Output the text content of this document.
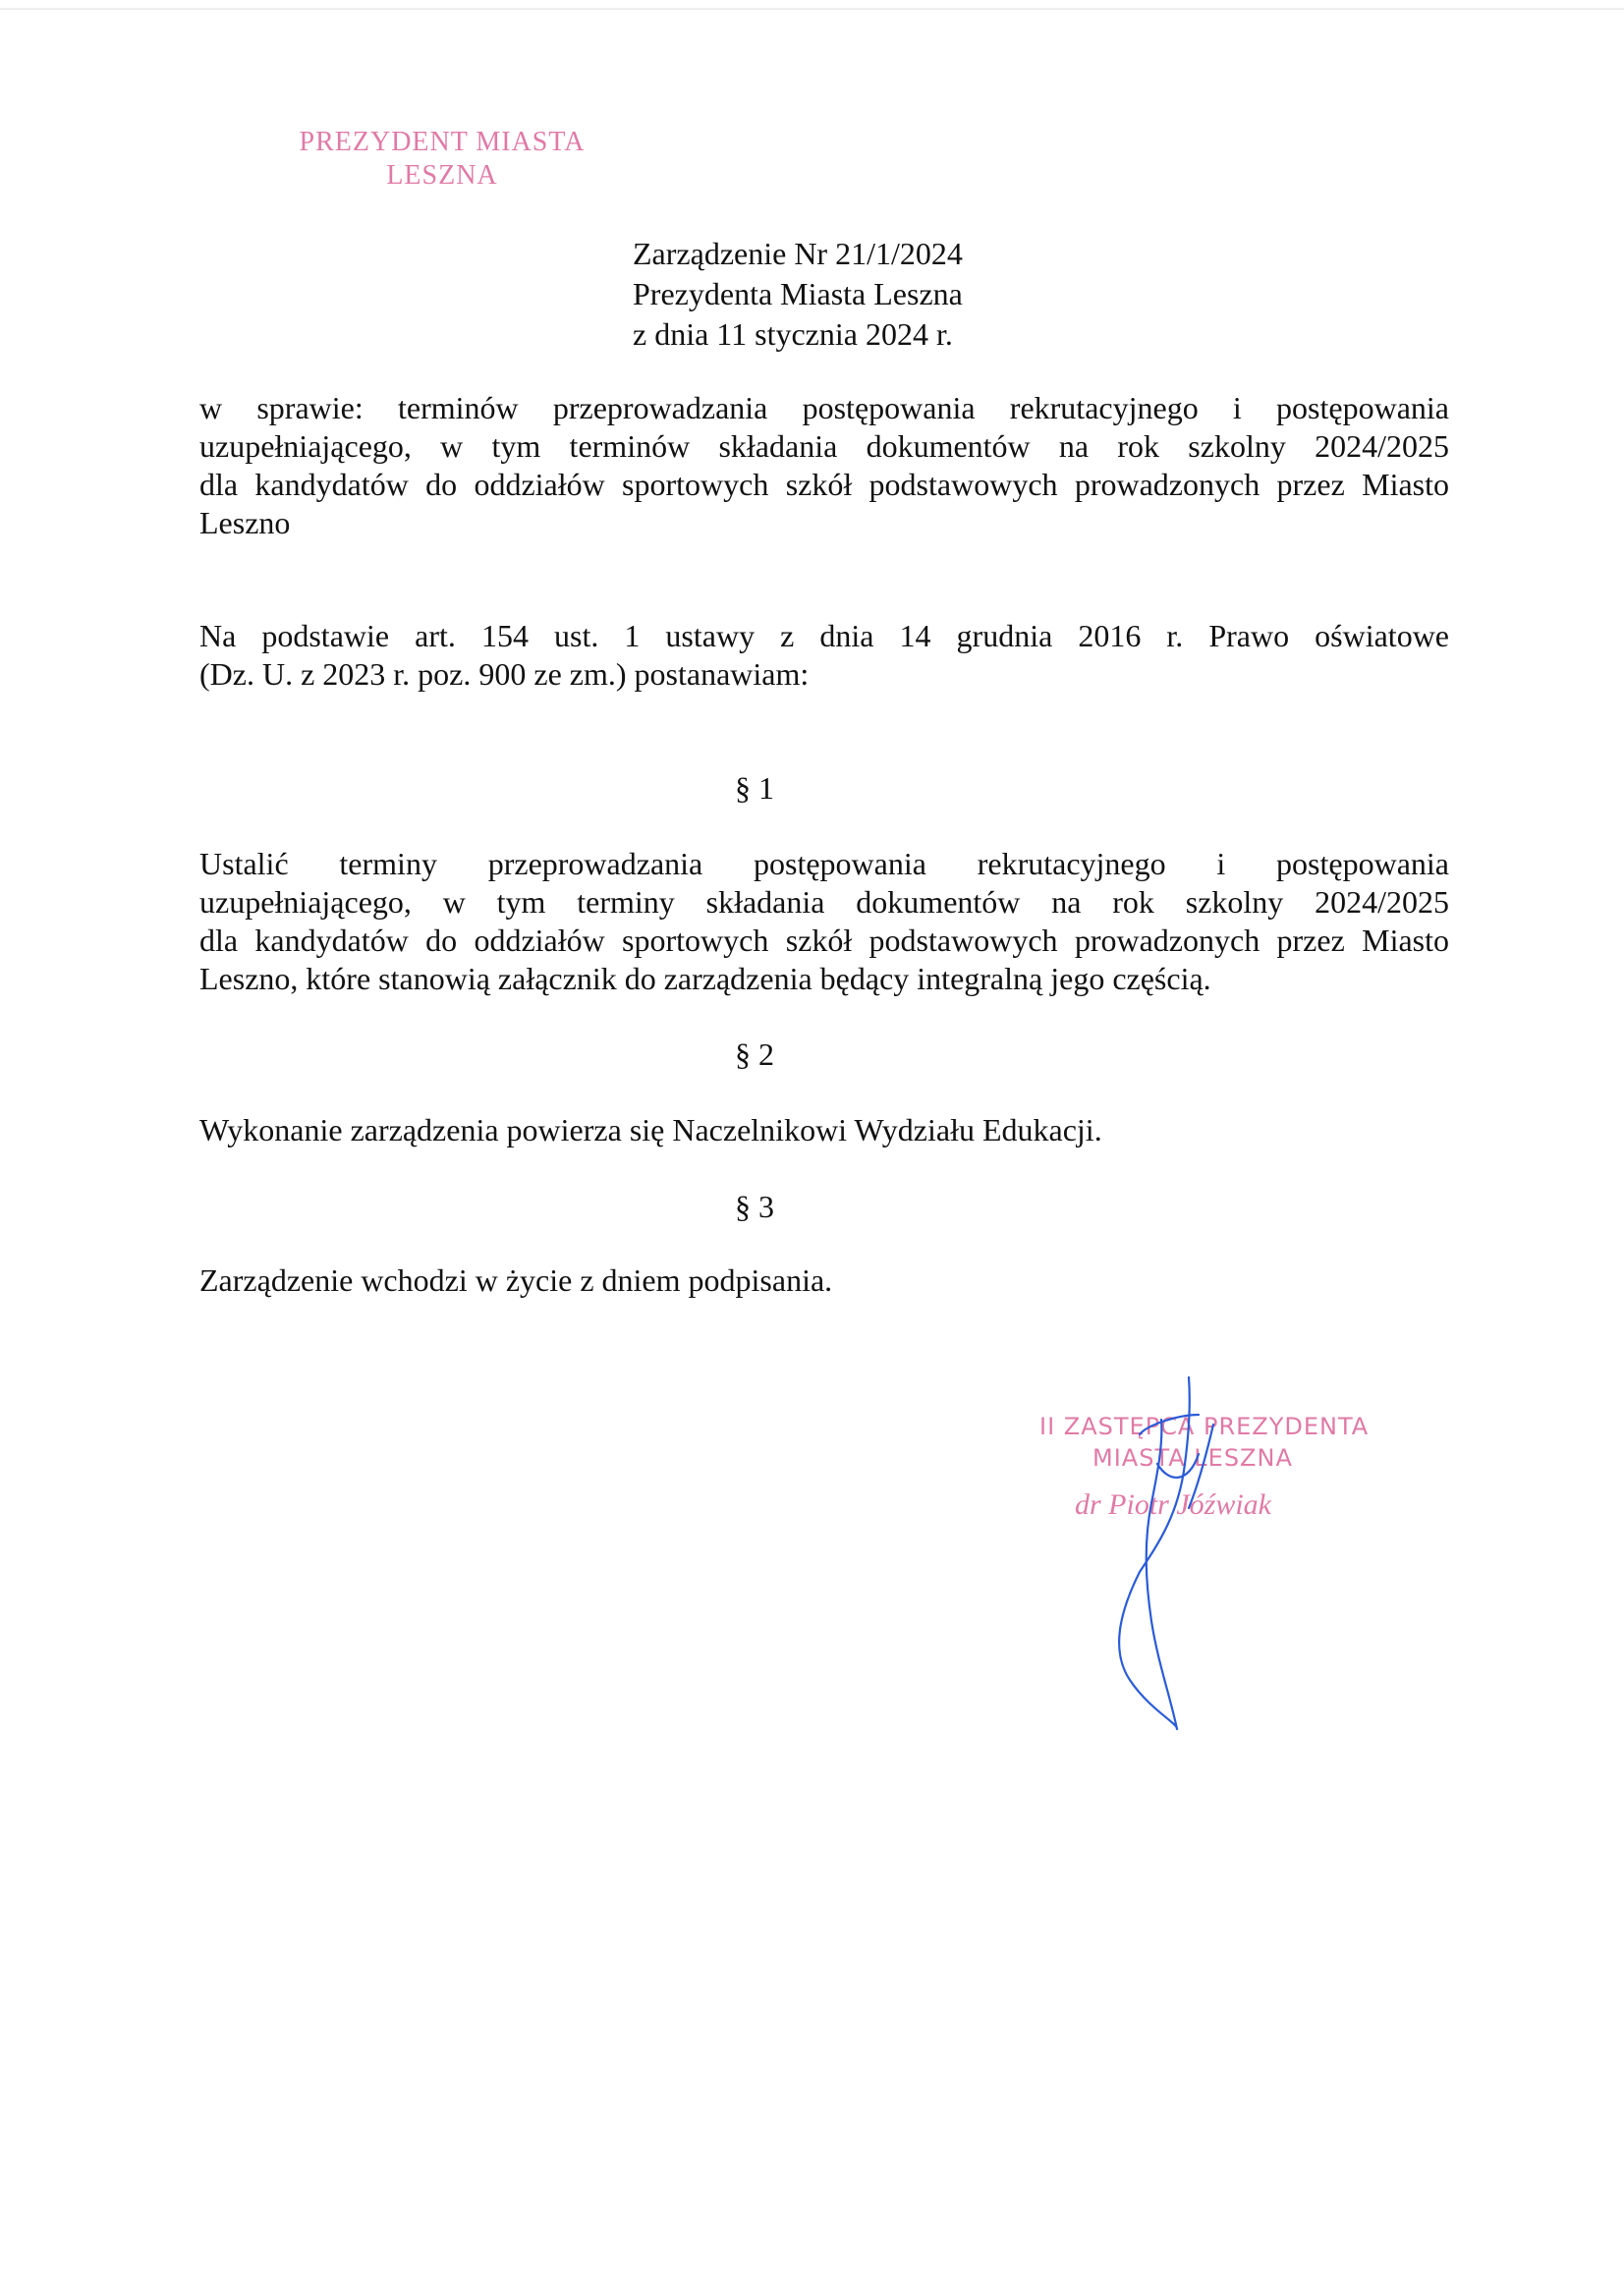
PREZYDENT MIASTA
LESZNA
Zarządzenie Nr 21/1/2024
Prezydenta Miasta Leszna
z dnia 11 stycznia 2024 r.
w sprawie: terminów przeprowadzania postępowania rekrutacyjnego i postępowania
uzupełniającego, w tym terminów składania dokumentów na rok szkolny 2024/2025
dla kandydatów do oddziałów sportowych szkół podstawowych prowadzonych przez Miasto
Leszno
Na podstawie art. 154 ust. 1 ustawy z dnia 14 grudnia 2016 r. Prawo oświatowe
(Dz. U. z 2023 r. poz. 900 ze zm.) postanawiam:
§ 1
Ustalić terminy przeprowadzania postępowania rekrutacyjnego i postępowania
uzupełniającego, w tym terminy składania dokumentów na rok szkolny 2024/2025
dla kandydatów do oddziałów sportowych szkół podstawowych prowadzonych przez Miasto
Leszno, które stanowią załącznik do zarządzenia będący integralną jego częścią.
§ 2
Wykonanie zarządzenia powierza się Naczelnikowi Wydziału Edukacji.
§ 3
Zarządzenie wchodzi w życie z dniem podpisania.
II ZASTĘPCA PREZYDENTA
MIASTA LESZNA
dr Piotr Jóźwiak
